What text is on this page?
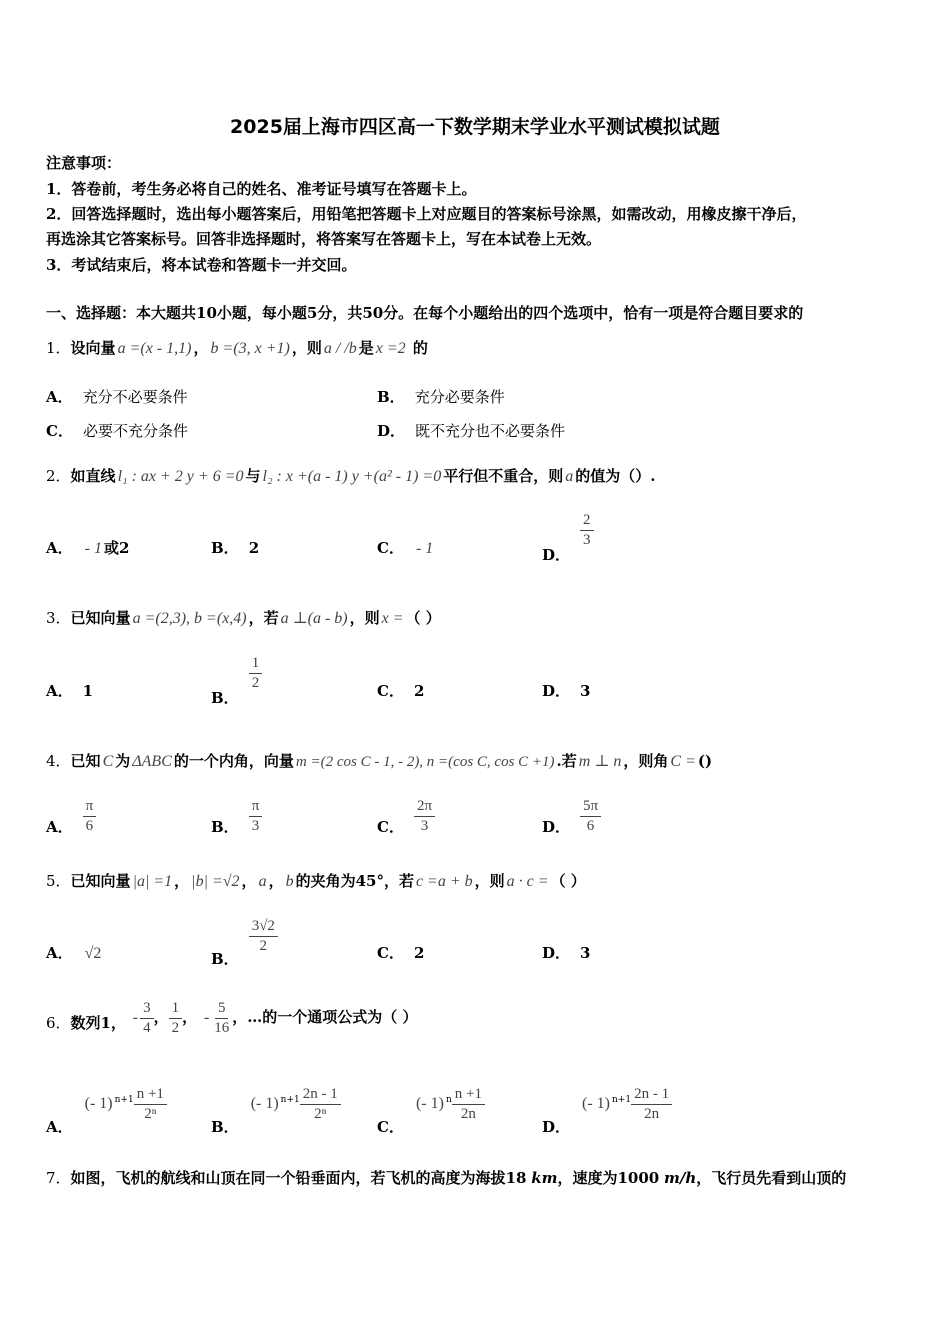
2025届上海市四区高一下数学期末学业水平测试模拟试题
注意事项：
1．答卷前，考生务必将自己的姓名、准考证号填写在答题卡上。
2．回答选择题时，选出每小题答案后，用铅笔把答题卡上对应题目的答案标号涂黑，如需改动，用橡皮擦干净后，
再选涂其它答案标号。回答非选择题时，将答案写在答题卡上，写在本试卷上无效。
3．考试结束后，将本试卷和答题卡一并交回。
一、选择题：本大题共10小题，每小题5分，共50分。在每个小题给出的四个选项中，恰有一项是符合题目要求的
1．设向量 a =(x - 1,1) ， b =(3, x +1) ，则 a / /b 是 x =2 的
A． 充分不必要条件	B． 充分必要条件
C． 必要不充分条件	D． 既不充分也不必要条件
2．如直线 l₁ : ax + 2 y + 6 =0 与 l₂ : x +(a - 1) y +(a² - 1) =0 平行但不重合，则 a 的值为（）.
A． - 1 或2	B． 2	C． - 1	D．
$\frac{2}{3}$
3．已知向量 a =(2,3), b =(x,4) ，若 a ⊥(a - b) ，则 x = （ ）
A． 1	B．
$\frac{1}{2}$	C． 2	D． 3
4．已知 C 为 ΔABC 的一个内角，向量 m =(2 cos C - 1, - 2), n =(cos C, cos C +1) .若 m ⊥ n ，则角 C = ()
A． $\frac{\pi}{6}$	B． $\frac{\pi}{3}$	C． $\frac{2\pi}{3}$	D． $\frac{5\pi}{6}$
5．已知向量 |a| =1 ， |b| =√2 ， a ， b 的夹角为45°，若 c =a + b ，则 a · c = （ ）
A． √2	B．
$\frac{3√2}{2}$	C． 2	D． 3
6．数列1， - $\frac{3}{4}$ ， $\frac{1}{2}$ ， - $\frac{5}{16}$ ，…的一个通项公式为（ ）
A．(- 1) $^{n+1} \frac{n +1}{\text{2ⁿ}}$
B．(- 1) $^{n+1} \frac{2n - 1}{\text{2ⁿ}}$
C．(- 1) $^n \frac{n +1}{2n}$
D．(- 1) $^{n+1} \frac{2n - 1}{2n}$
7．如图，飞机的航线和山顶在同一个铅垂面内，若飞机的高度为海拔18 km，速度为1000 m/h，飞行员先看到山顶的
